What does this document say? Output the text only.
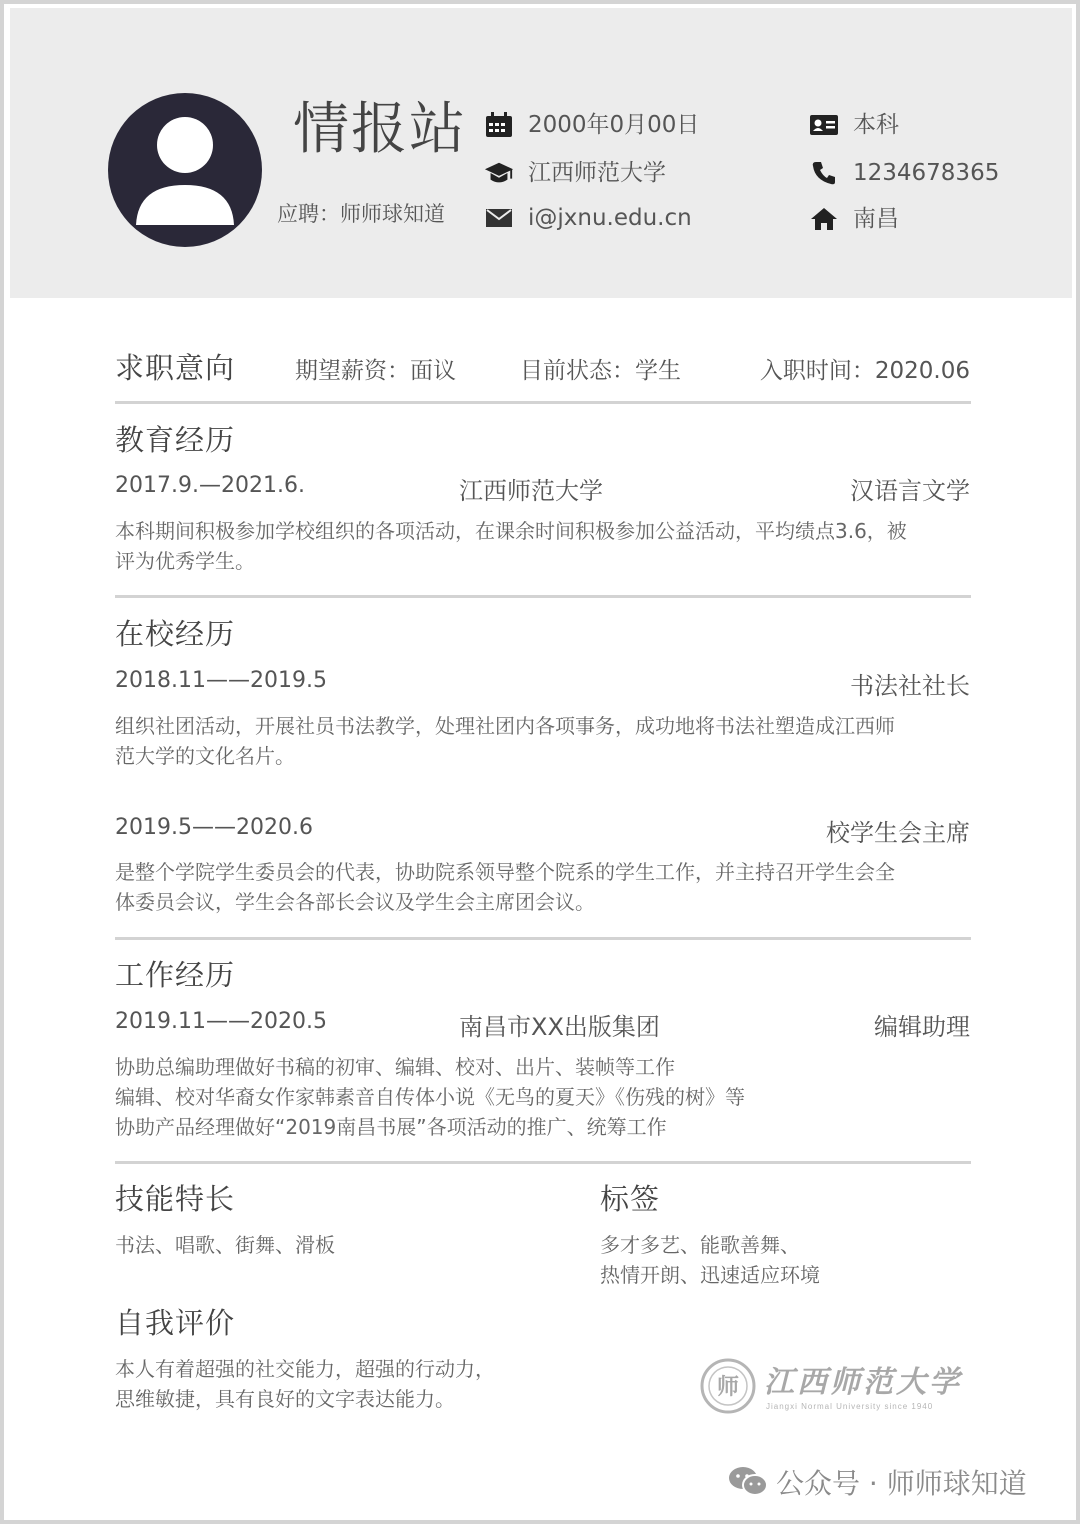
情报站
应聘：师师球知道
2000年0月00日
江西师范大学
i@jxnu.edu.cn
本科
1234678365
南昌
求职意向	期望薪资：面议	目前状态：学生	入职时间：2020.06
教育经历
2017.9.—2021.6.	江西师范大学	汉语言文学
本科期间积极参加学校组织的各项活动，在课余时间积极参加公益活动，平均绩点3.6，被
评为优秀学生。
在校经历
2018.11——2019.5	书法社社长
组织社团活动，开展社员书法教学，处理社团内各项事务，成功地将书法社塑造成江西师
范大学的文化名片。
2019.5——2020.6	校学生会主席
是整个学院学生委员会的代表，协助院系领导整个院系的学生工作，并主持召开学生会全
体委员会议，学生会各部长会议及学生会主席团会议。
工作经历
2019.11——2020.5	南昌市XX出版集团	编辑助理
协助总编助理做好书稿的初审、编辑、校对、出片、装帧等工作
编辑、校对华裔女作家韩素音自传体小说《无鸟的夏天》《伤残的树》等
协助产品经理做好“2019南昌书展”各项活动的推广、统筹工作
技能特长
书法、唱歌、街舞、滑板
标签
多才多艺、能歌善舞、
热情开朗、迅速适应环境
自我评价
本人有着超强的社交能力，超强的行动力，
思维敏捷，具有良好的文字表达能力。	师 江西师范大学
Jiangxi Normal University since 1940
公众号 · 师师球知道
